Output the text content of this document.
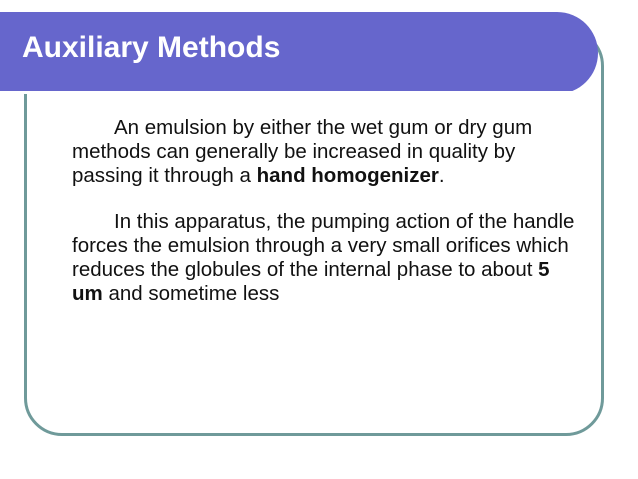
Auxiliary Methods

An emulsion by either the wet gum or dry gum methods can generally be increased in quality by passing it through a hand homogenizer.

In this apparatus, the pumping action of the handle forces the emulsion through a very small orifices which reduces the globules of the internal phase to about 5 um and sometime less
